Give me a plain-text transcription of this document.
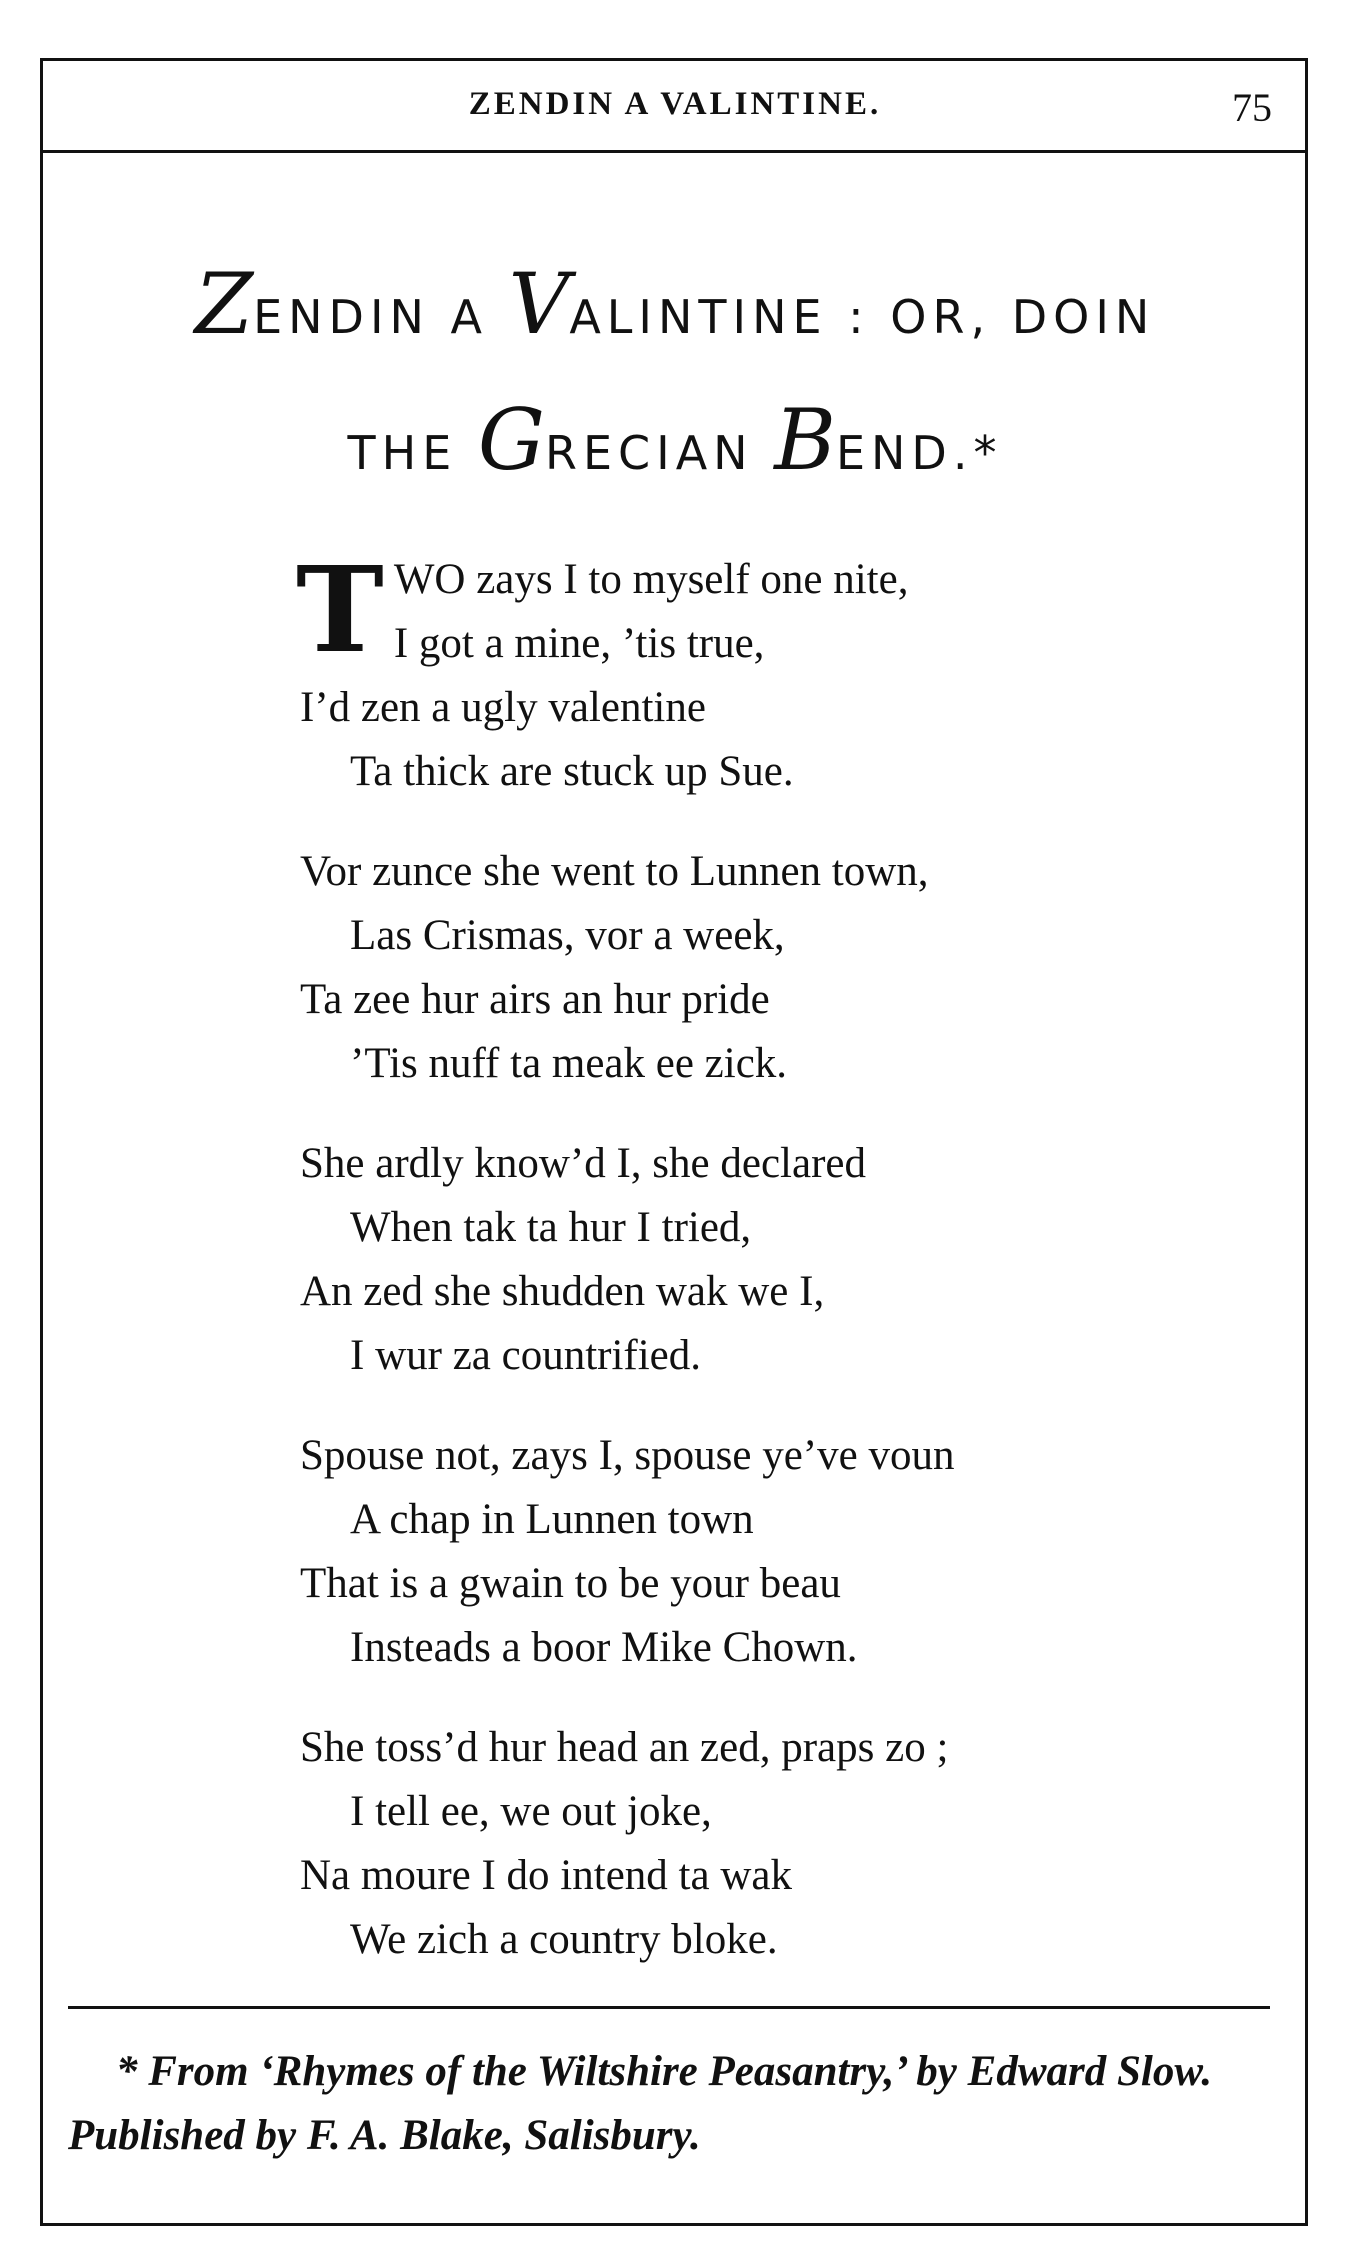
ZENDIN A VALINTINE.	75
ZENDIN A VALINTINE : OR, DOIN
THE GRECIAN BEND.*
T WO zays I to myself one nite,
I got a mine, ’tis true,
I’d zen a ugly valentine
Ta thick are stuck up Sue.
Vor zunce she went to Lunnen town,
Las Crismas, vor a week,
Ta zee hur airs an hur pride
’Tis nuff ta meak ee zick.
She ardly know’d I, she declared
When tak ta hur I tried,
An zed she shudden wak we I,
I wur za countrified.
Spouse not, zays I, spouse ye’ve voun
A chap in Lunnen town
That is a gwain to be your beau
Insteads a boor Mike Chown.
She toss’d hur head an zed, praps zo ;
I tell ee, we out joke,
Na moure I do intend ta wak
We zich a country bloke.
* From ‘Rhymes of the Wiltshire Peasantry,’ by Edward Slow. Published by F. A. Blake, Salisbury.
